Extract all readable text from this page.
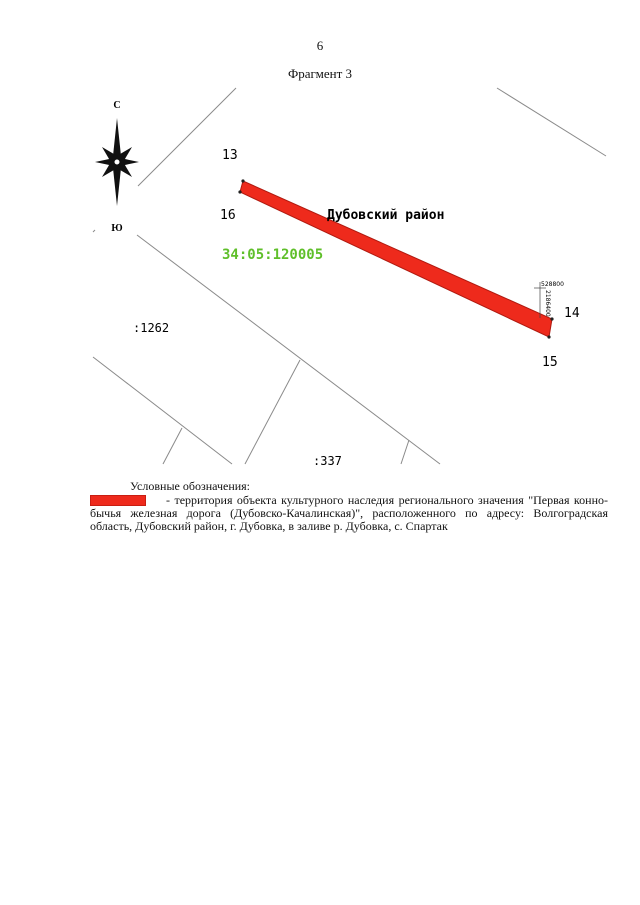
6
Фрагмент 3
С
Ю
13
16
14
15
Дубовский район
34:05:120005
:1262
:337
528800
2186400
Условные обозначения:
- территория объекта культурного наследия регионального значения "Первая конно-бычья железная дорога (Дубовско-Качалинская)", расположенного по адресу: Волгоградская область, Дубовский район, г. Дубовка, в заливе р. Дубовка, с. Спартак
